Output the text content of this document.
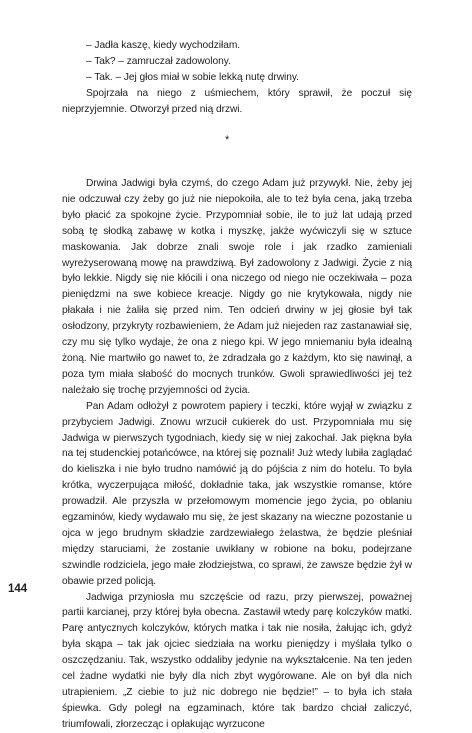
– Jadła kaszę, kiedy wychodziłam.

– Tak? – zamruczał zadowolony.

– Tak. – Jej głos miał w sobie lekką nutę drwiny.

Spojrzała na niego z uśmiechem, który sprawił, że poczuł się nieprzyjemnie. Otworzył przed nią drzwi.

*

Drwina Jadwigi była czymś, do czego Adam już przywykł. Nie, żeby jej nie odczuwał czy żeby go już nie niepokoiła, ale to też była cena, jaką trzeba było płacić za spokojne życie. Przypomniał sobie, ile to już lat udają przed sobą tę słodką zabawę w kotka i myszkę, jakże wyćwiczyli się w sztuce maskowania. Jak dobrze znali swoje role i jak rzadko zamieniali wyreżyserowaną mowę na prawdziwą. Był zadowolony z Jadwigi. Życie z nią było lekkie. Nigdy się nie kłócili i ona niczego od niego nie oczekiwała – poza pieniędzmi na swe kobiece kreacje. Nigdy go nie krytykowała, nigdy nie płakała i nie żaliła się przed nim. Ten odcień drwiny w jej głosie był tak osłodzony, przykryty rozbawieniem, że Adam już niejeden raz zastanawiał się, czy mu się tylko wydaje, że ona z niego kpi. W jego mniemaniu była idealną żoną. Nie martwiło go nawet to, że zdradzała go z każdym, kto się nawinął, a poza tym miała słabość do mocnych trunków. Gwoli sprawiedliwości jej też należało się trochę przyjemności od życia.

Pan Adam odłożył z powrotem papiery i teczki, które wyjął w związku z przybyciem Jadwigi. Znowu wrzucił cukierek do ust. Przypomniała mu się Jadwiga w pierwszych tygodniach, kiedy się w niej zakochał. Jak piękna była na tej studenckiej potańcówce, na której się poznali! Już wtedy lubiła zaglądać do kieliszka i nie było trudno namówić ją do pójścia z nim do hotelu. To była krótka, wyczerpująca miłość, dokładnie taka, jak wszystkie romanse, które prowadził. Ale przyszła w przełomowym momencie jego życia, po oblaniu egzaminów, kiedy wydawało mu się, że jest skazany na wieczne pozostanie u ojca w jego brudnym składzie zardzewiałego żelastwa, że będzie pleśniał między staruciami, że zostanie uwikłany w robione na boku, podejrzane szwindle rodziciela, jego małe złodziejstwa, co sprawi, że zawsze będzie żył w obawie przed policją.

Jadwiga przyniosła mu szczęście od razu, przy pierwszej, poważnej partii karcianej, przy której była obecna. Zastawił wtedy parę kolczyków matki. Parę antycznych kolczyków, których matka i tak nie nosiła, żałując ich, gdyż była skąpa – tak jak ojciec siedziała na worku pieniędzy i myślała tylko o oszczędzaniu. Tak, wszystko oddaliby jedynie na wykształcenie. Na ten jeden cel żadne wydatki nie były dla nich zbyt wygórowane. Ale on był dla nich utrapieniem. „Z ciebie to już nic dobrego nie będzie!” – to była ich stała śpiewka. Gdy poległ na egzaminach, które tak bardzo chciał zaliczyć, triumfowali, złorzecząc i opłakując wyrzucone

144
